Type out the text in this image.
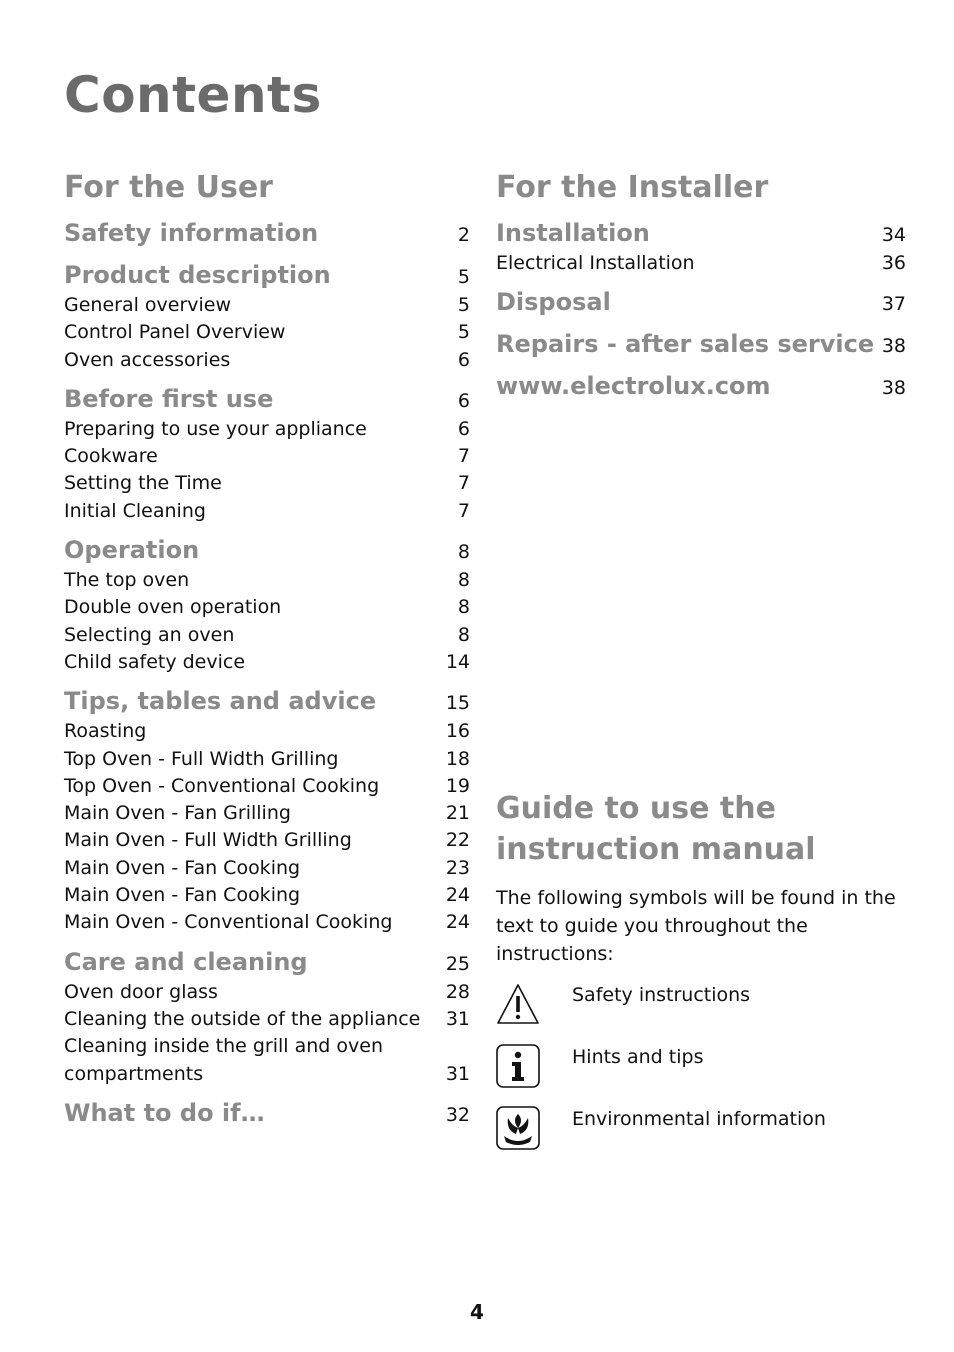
Contents
For the User
Safety information	2
Product description	5
General overview	5
Control Panel Overview	5
Oven accessories	6
Before first use	6
Preparing to use your appliance	6
Cookware	7
Setting the Time	7
Initial Cleaning	7
Operation	8
The top oven	8
Double oven operation	8
Selecting an oven	8
Child safety device	14
Tips, tables and advice	15
Roasting	16
Top Oven - Full Width Grilling	18
Top Oven - Conventional Cooking	19
Main Oven - Fan Grilling	21
Main Oven - Full Width Grilling	22
Main Oven - Fan Cooking	23
Main Oven - Fan Cooking	24
Main Oven - Conventional Cooking	24
Care and cleaning	25
Oven door glass	28
Cleaning the outside of the appliance 31
Cleaning inside the grill and oven compartments	31
What to do if…	32
For the Installer
Installation	34
Electrical Installation	36
Disposal	37
Repairs - after sales service 38
www.electrolux.com	38
Guide to use the
instruction manual

The following symbols will be found in the text to guide you throughout the instructions:

Safety instructions
Hints and tips
Environmental information
4
